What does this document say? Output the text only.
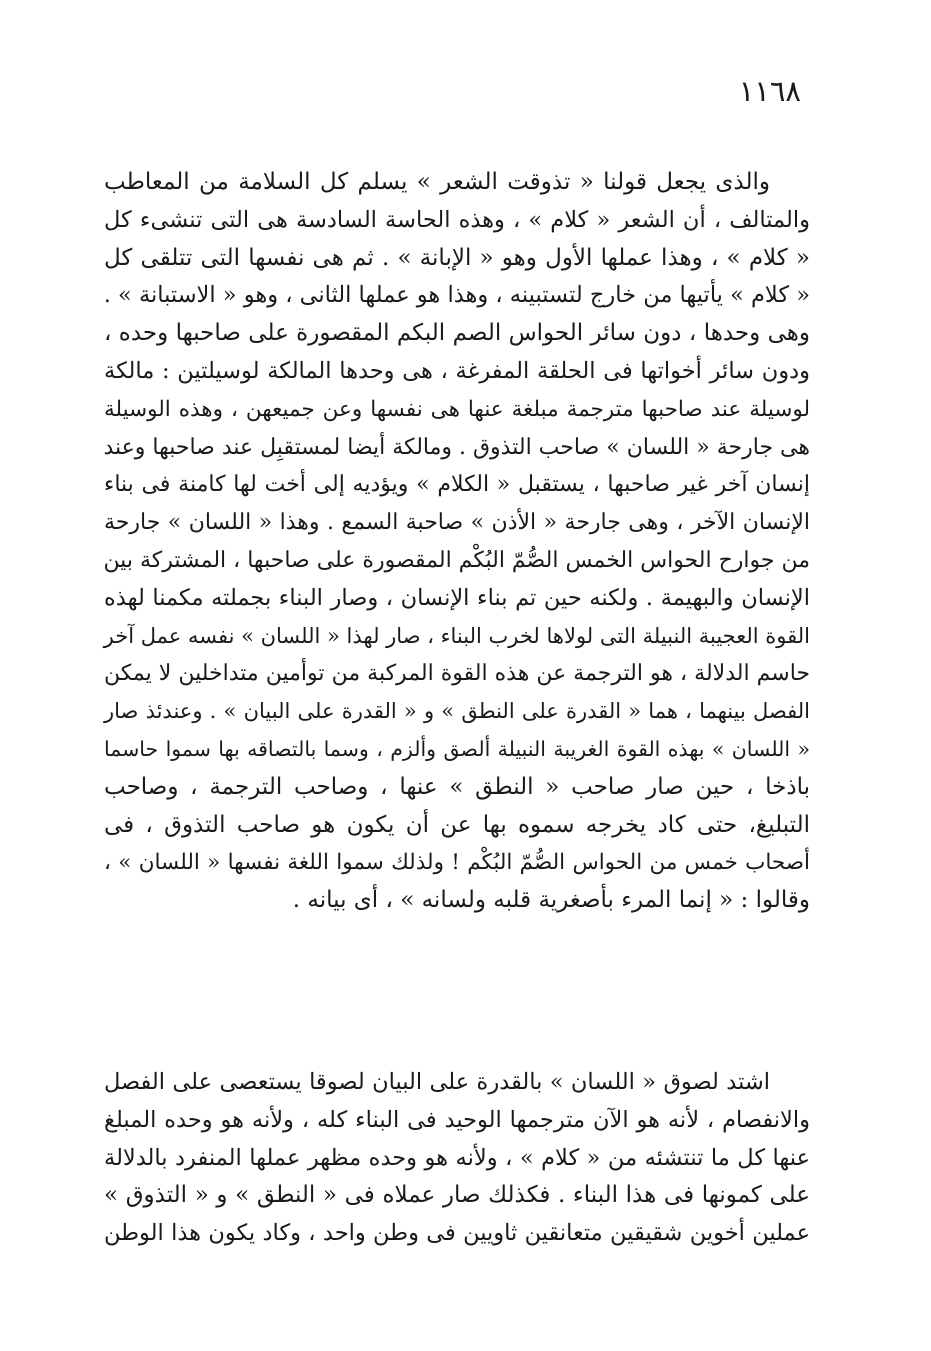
١١٦٨
والذى يجعل قولنا « تذوقت الشعر » يسلم كل السلامة من المعاطب
والمتالف ، أن الشعر « كلام » ، وهذه الحاسة السادسة هى التى تنشىء كل
« كلام » ، وهذا عملها الأول وهو « الإبانة » . ثم هى نفسها التى تتلقى كل
« كلام » يأتيها من خارج لتستبينه ، وهذا هو عملها الثانى ، وهو « الاستبانة » .
وهى وحدها ، دون سائر الحواس الصم البكم المقصورة على صاحبها وحده ،
ودون سائر أخواتها فى الحلقة المفرغة ، هى وحدها المالكة لوسيلتين : مالكة
لوسيلة عند صاحبها مترجمة مبلغة عنها هى نفسها وعن جميعهن ، وهذه الوسيلة
هى جارحة « اللسان » صاحب التذوق . ومالكة أيضا لمستقبِل عند صاحبها وعند
إنسان آخر غير صاحبها ، يستقبل « الكلام » ويؤديه إلى أخت لها كامنة فى بناء
الإنسان الآخر ، وهى جارحة « الأذن » صاحبة السمع . وهذا « اللسان » جارحة
من جوارح الحواس الخمس الصُّمّ البُكْم المقصورة على صاحبها ، المشتركة بين
الإنسان والبهيمة . ولكنه حين تم بناء الإنسان ، وصار البناء بجملته مكمنا لهذه
القوة العجيبة النبيلة التى لولاها لخرب البناء ، صار لهذا « اللسان » نفسه عمل آخر
حاسم الدلالة ، هو الترجمة عن هذه القوة المركبة من توأمين متداخلين لا يمكن
الفصل بينهما ، هما « القدرة على النطق » و « القدرة على البيان » . وعندئذ صار
« اللسان » بهذه القوة الغريبة النبيلة ألصق وألزم ، وسما بالتصاقه بها سموا حاسما
باذخا ، حين صار صاحب « النطق » عنها ، وصاحب الترجمة ، وصاحب
التبليغ، حتى كاد يخرجه سموه بها عن أن يكون هو صاحب التذوق ، فى
أصحاب خمس من الحواس الصُّمّ البُكْم ! ولذلك سموا اللغة نفسها « اللسان » ،
وقالوا : « إنما المرء بأصغرية قلبه ولسانه » ، أى بيانه .
اشتد لصوق « اللسان » بالقدرة على البيان لصوقا يستعصى على الفصل
والانفصام ، لأنه هو الآن مترجمها الوحيد فى البناء كله ، ولأنه هو وحده المبلغ
عنها كل ما تنتشئه من « كلام » ، ولأنه هو وحده مظهر عملها المنفرد بالدلالة
على كمونها فى هذا البناء . فكذلك صار عملاه فى « النطق » و « التذوق »
عملين أخوين شقيقين متعانقين ثاويين فى وطن واحد ، وكاد يكون هذا الوطن
